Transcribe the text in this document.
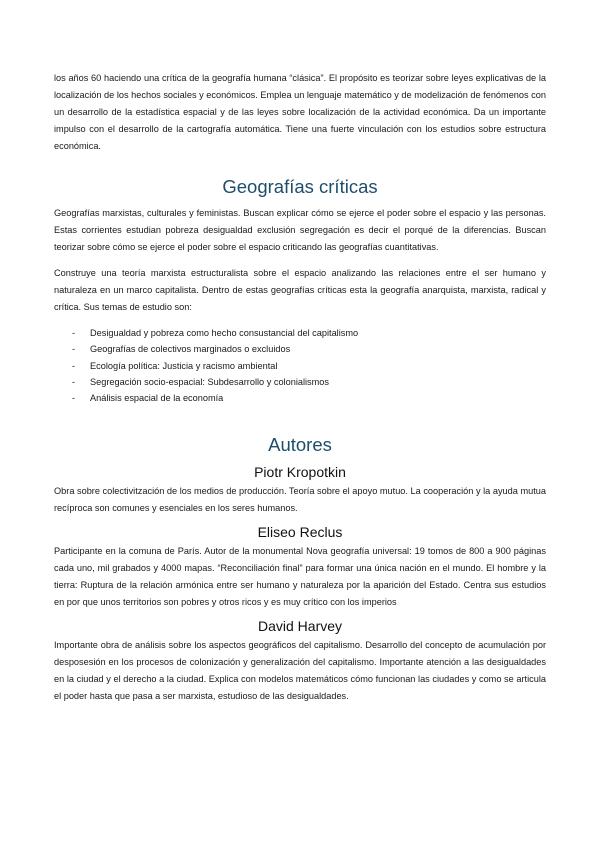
los años 60 haciendo una crítica de la geografía humana “clásica”. El propósito es teorizar sobre leyes explicativas de la localización de los hechos sociales y económicos. Emplea un lenguaje matemático y de modelización de fenómenos con un desarrollo de la estadística espacial y de las leyes sobre localización de la actividad económica. Da un importante impulso con el desarrollo de la cartografía automática. Tiene una fuerte vinculación con los estudios sobre estructura económica.

Geografías críticas

Geografías marxistas, culturales y feministas. Buscan explicar cómo se ejerce el poder sobre el espacio y las personas. Estas corrientes estudian pobreza desigualdad exclusión segregación es decir el porqué de la diferencias. Buscan teorizar sobre cómo se ejerce el poder sobre el espacio criticando las geografías cuantitativas.

Construye una teoría marxista estructuralista sobre el espacio analizando las relaciones entre el ser humano y naturaleza en un marco capitalista. Dentro de estas geografías críticas esta la geografía anarquista, marxista, radical y crítica. Sus temas de estudio son:

- Desigualdad y pobreza como hecho consustancial del capitalismo
- Geografías de colectivos marginados o excluidos
- Ecología política: Justicia y racismo ambiental
- Segregación socio-espacial: Subdesarrollo y colonialismos
- Análisis espacial de la economía
Autores
Piotr Kropotkin

Obra sobre colectivitzación de los medios de producción. Teoría sobre el apoyo mutuo. La cooperación y la ayuda mutua recíproca son comunes y esenciales en los seres humanos.

Eliseo Reclus

Participante en la comuna de París. Autor de la monumental Nova geografía universal: 19 tomos de 800 a 900 páginas cada uno, mil grabados y 4000 mapas. “Reconciliación final” para formar una única nación en el mundo. El hombre y la tierra: Ruptura de la relación armónica entre ser humano y naturaleza por la aparición del Estado. Centra sus estudios en por que unos territorios son pobres y otros ricos y es muy crítico con los imperios

David Harvey

Importante obra de análisis sobre los aspectos geográficos del capitalismo. Desarrollo del concepto de acumulación por desposesión en los procesos de colonización y generalización del capitalismo. Importante atención a las desigualdades en la ciudad y el derecho a la ciudad. Explica con modelos matemáticos cómo funcionan las ciudades y como se articula el poder hasta que pasa a ser marxista, estudioso de las desigualdades.
